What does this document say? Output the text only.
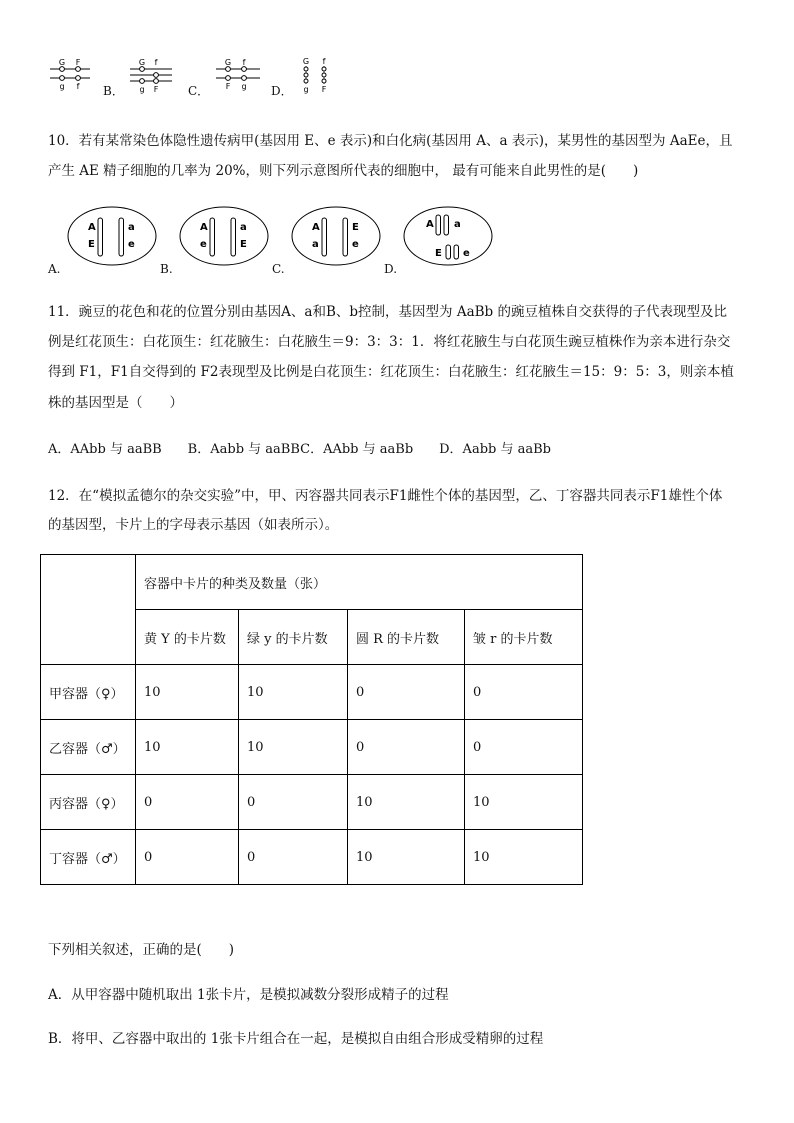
G F
g f B．
G f
g F C．
G f
F g D．
G f
g F
10．若有某常染色体隐性遗传病甲(基因用 E、e 表示)和白化病(基因用 A、a 表示)，某男性的基因型为 AaEe，且
产生 AE 精子细胞的几率为 20%，则下列示意图所代表的细胞中， 最有可能来自此男性的是(　　)
A.
A
E
a
e
B.
A
e
a
E
C.
A
a
E
e
D.
A a
E e
11．豌豆的花色和花的位置分别由基因A、a和B、b控制，基因型为 AaBb 的豌豆植株自交获得的子代表现型及比
例是红花顶生：白花顶生：红花腋生：白花腋生＝9：3：3：1．将红花腋生与白花顶生豌豆植株作为亲本进行杂交
得到 F1，F1自交得到的 F2表现型及比例是白花顶生：红花顶生：白花腋生：红花腋生＝15：9：5：3，则亲本植
株的基因型是（　　）
A．AAbb 与 aaBB　　B．Aabb 与 aaBBC．AAbb 与 aaBb　　D．Aabb 与 aaBb
12．在“模拟孟德尔的杂交实验”中，甲、丙容器共同表示F1雌性个体的基因型，乙、丁容器共同表示F1雄性个体
的基因型，卡片上的字母表示基因（如表所示）。
	容器中卡片的种类及数量（张）			
	黄 Y 的卡片数	绿 y 的卡片数	圆 R 的卡片数	皱 r 的卡片数
甲容器（♀）	10	10	0	0
乙容器（♂）	10	10	0	0
丙容器（♀）	0	0	10	10
丁容器（♂）	0	0	10	10
下列相关叙述，正确的是(　　)
A．从甲容器中随机取出 1张卡片，是模拟减数分裂形成精子的过程
B．将甲、乙容器中取出的 1张卡片组合在一起，是模拟自由组合形成受精卵的过程
